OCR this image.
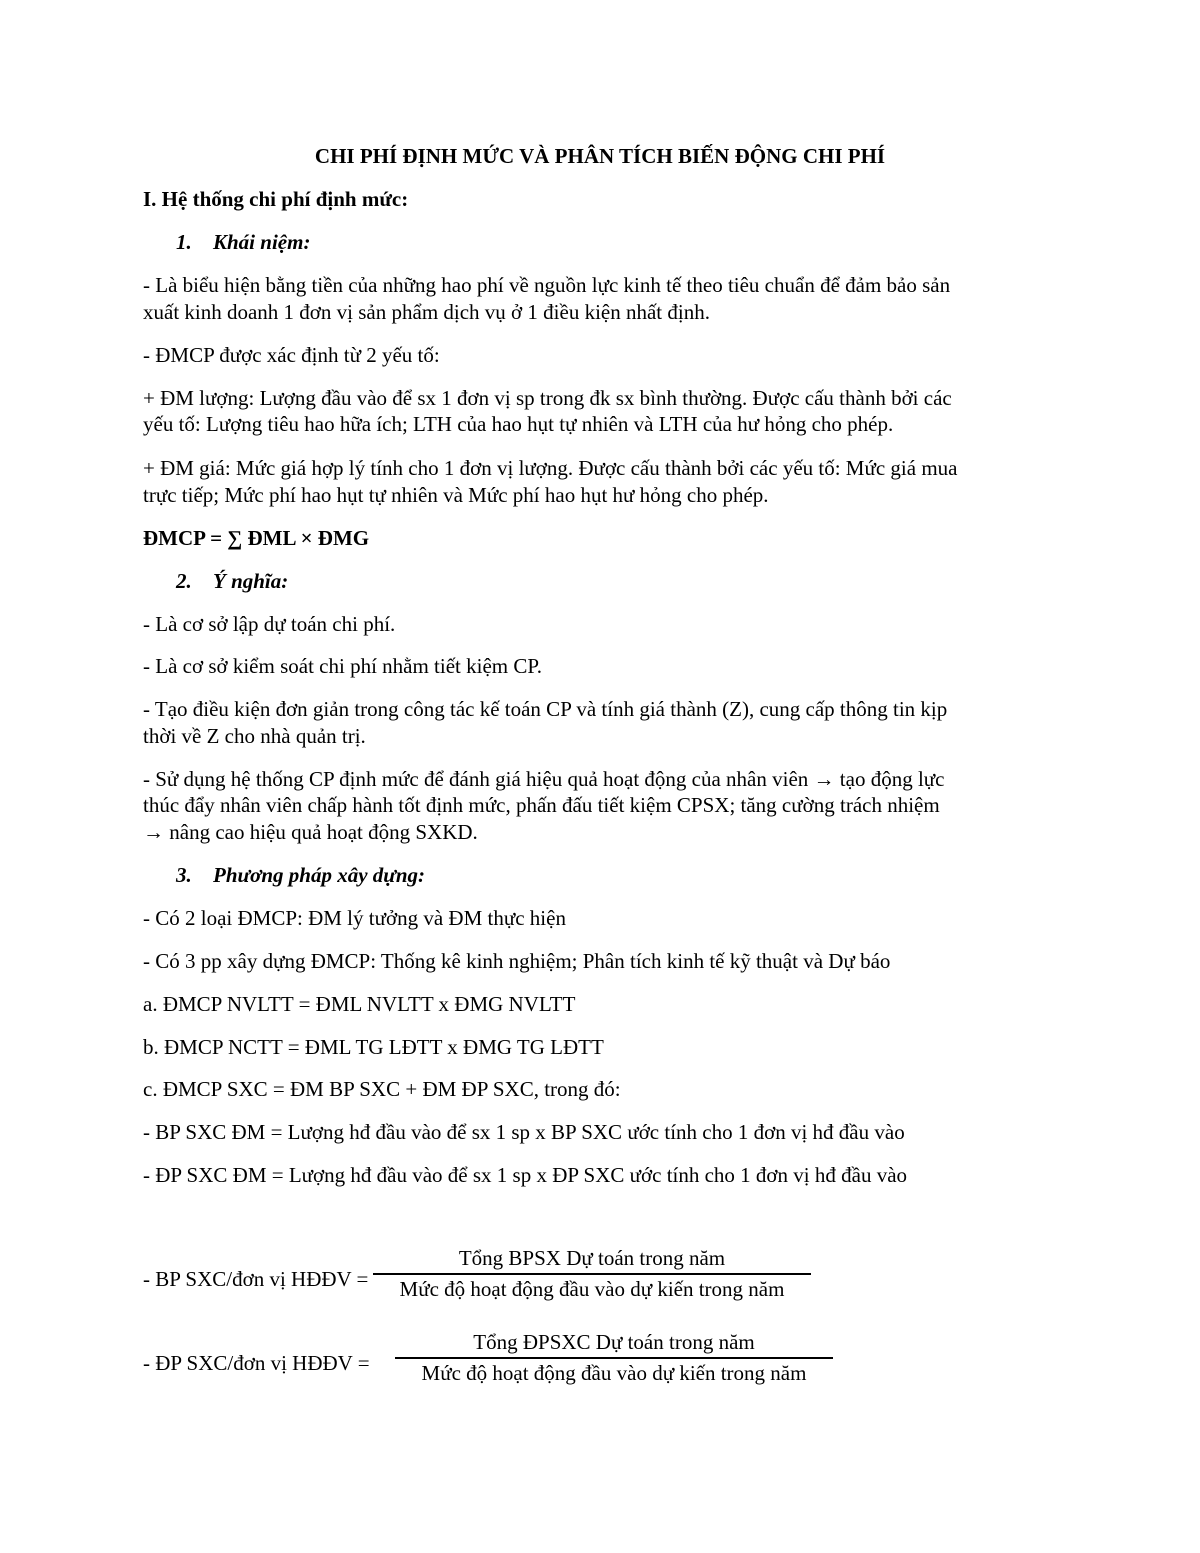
CHI PHÍ ĐỊNH MỨC VÀ PHÂN TÍCH BIẾN ĐỘNG CHI PHÍ
I. Hệ thống chi phí định mức:
1. Khái niệm:
- Là biểu hiện bằng tiền của những hao phí về nguồn lực kinh tế theo tiêu chuẩn để đảm bảo sản
xuất kinh doanh 1 đơn vị sản phẩm dịch vụ ở 1 điều kiện nhất định.
- ĐMCP được xác định từ 2 yếu tố:
+ ĐM lượng: Lượng đầu vào để sx 1 đơn vị sp trong đk sx bình thường. Được cấu thành bởi các
yếu tố: Lượng tiêu hao hữa ích; LTH của hao hụt tự nhiên và LTH của hư hỏng cho phép.
+ ĐM giá: Mức giá hợp lý tính cho 1 đơn vị lượng. Được cấu thành bởi các yếu tố: Mức giá mua
trực tiếp; Mức phí hao hụt tự nhiên và Mức phí hao hụt hư hỏng cho phép.
ĐMCP = ∑ ĐML × ĐMG
2. Ý nghĩa:
- Là cơ sở lập dự toán chi phí.
- Là cơ sở kiểm soát chi phí nhằm tiết kiệm CP.
- Tạo điều kiện đơn giản trong công tác kế toán CP và tính giá thành (Z), cung cấp thông tin kịp
thời về Z cho nhà quản trị.
- Sử dụng hệ thống CP định mức để đánh giá hiệu quả hoạt động của nhân viên → tạo động lực
thúc đẩy nhân viên chấp hành tốt định mức, phấn đấu tiết kiệm CPSX; tăng cường trách nhiệm
→ nâng cao hiệu quả hoạt động SXKD.
3. Phương pháp xây dựng:
- Có 2 loại ĐMCP: ĐM lý tưởng và ĐM thực hiện
- Có 3 pp xây dựng ĐMCP: Thống kê kinh nghiệm; Phân tích kinh tế kỹ thuật và Dự báo
a. ĐMCP NVLTT = ĐML NVLTT x ĐMG NVLTT
b. ĐMCP NCTT = ĐML TG LĐTT x ĐMG TG LĐTT
c. ĐMCP SXC = ĐM BP SXC + ĐM ĐP SXC, trong đó:
- BP SXC ĐM = Lượng hđ đầu vào để sx 1 sp x BP SXC ước tính cho 1 đơn vị hđ đầu vào
- ĐP SXC ĐM = Lượng hđ đầu vào để sx 1 sp x ĐP SXC ước tính cho 1 đơn vị hđ đầu vào
- BP SXC/đơn vị HĐĐV =
Tổng BPSX Dự toán trong năm
Mức độ hoạt động đầu vào dự kiến trong năm
- ĐP SXC/đơn vị HĐĐV =
Tổng ĐPSXC Dự toán trong năm
Mức độ hoạt động đầu vào dự kiến trong năm
